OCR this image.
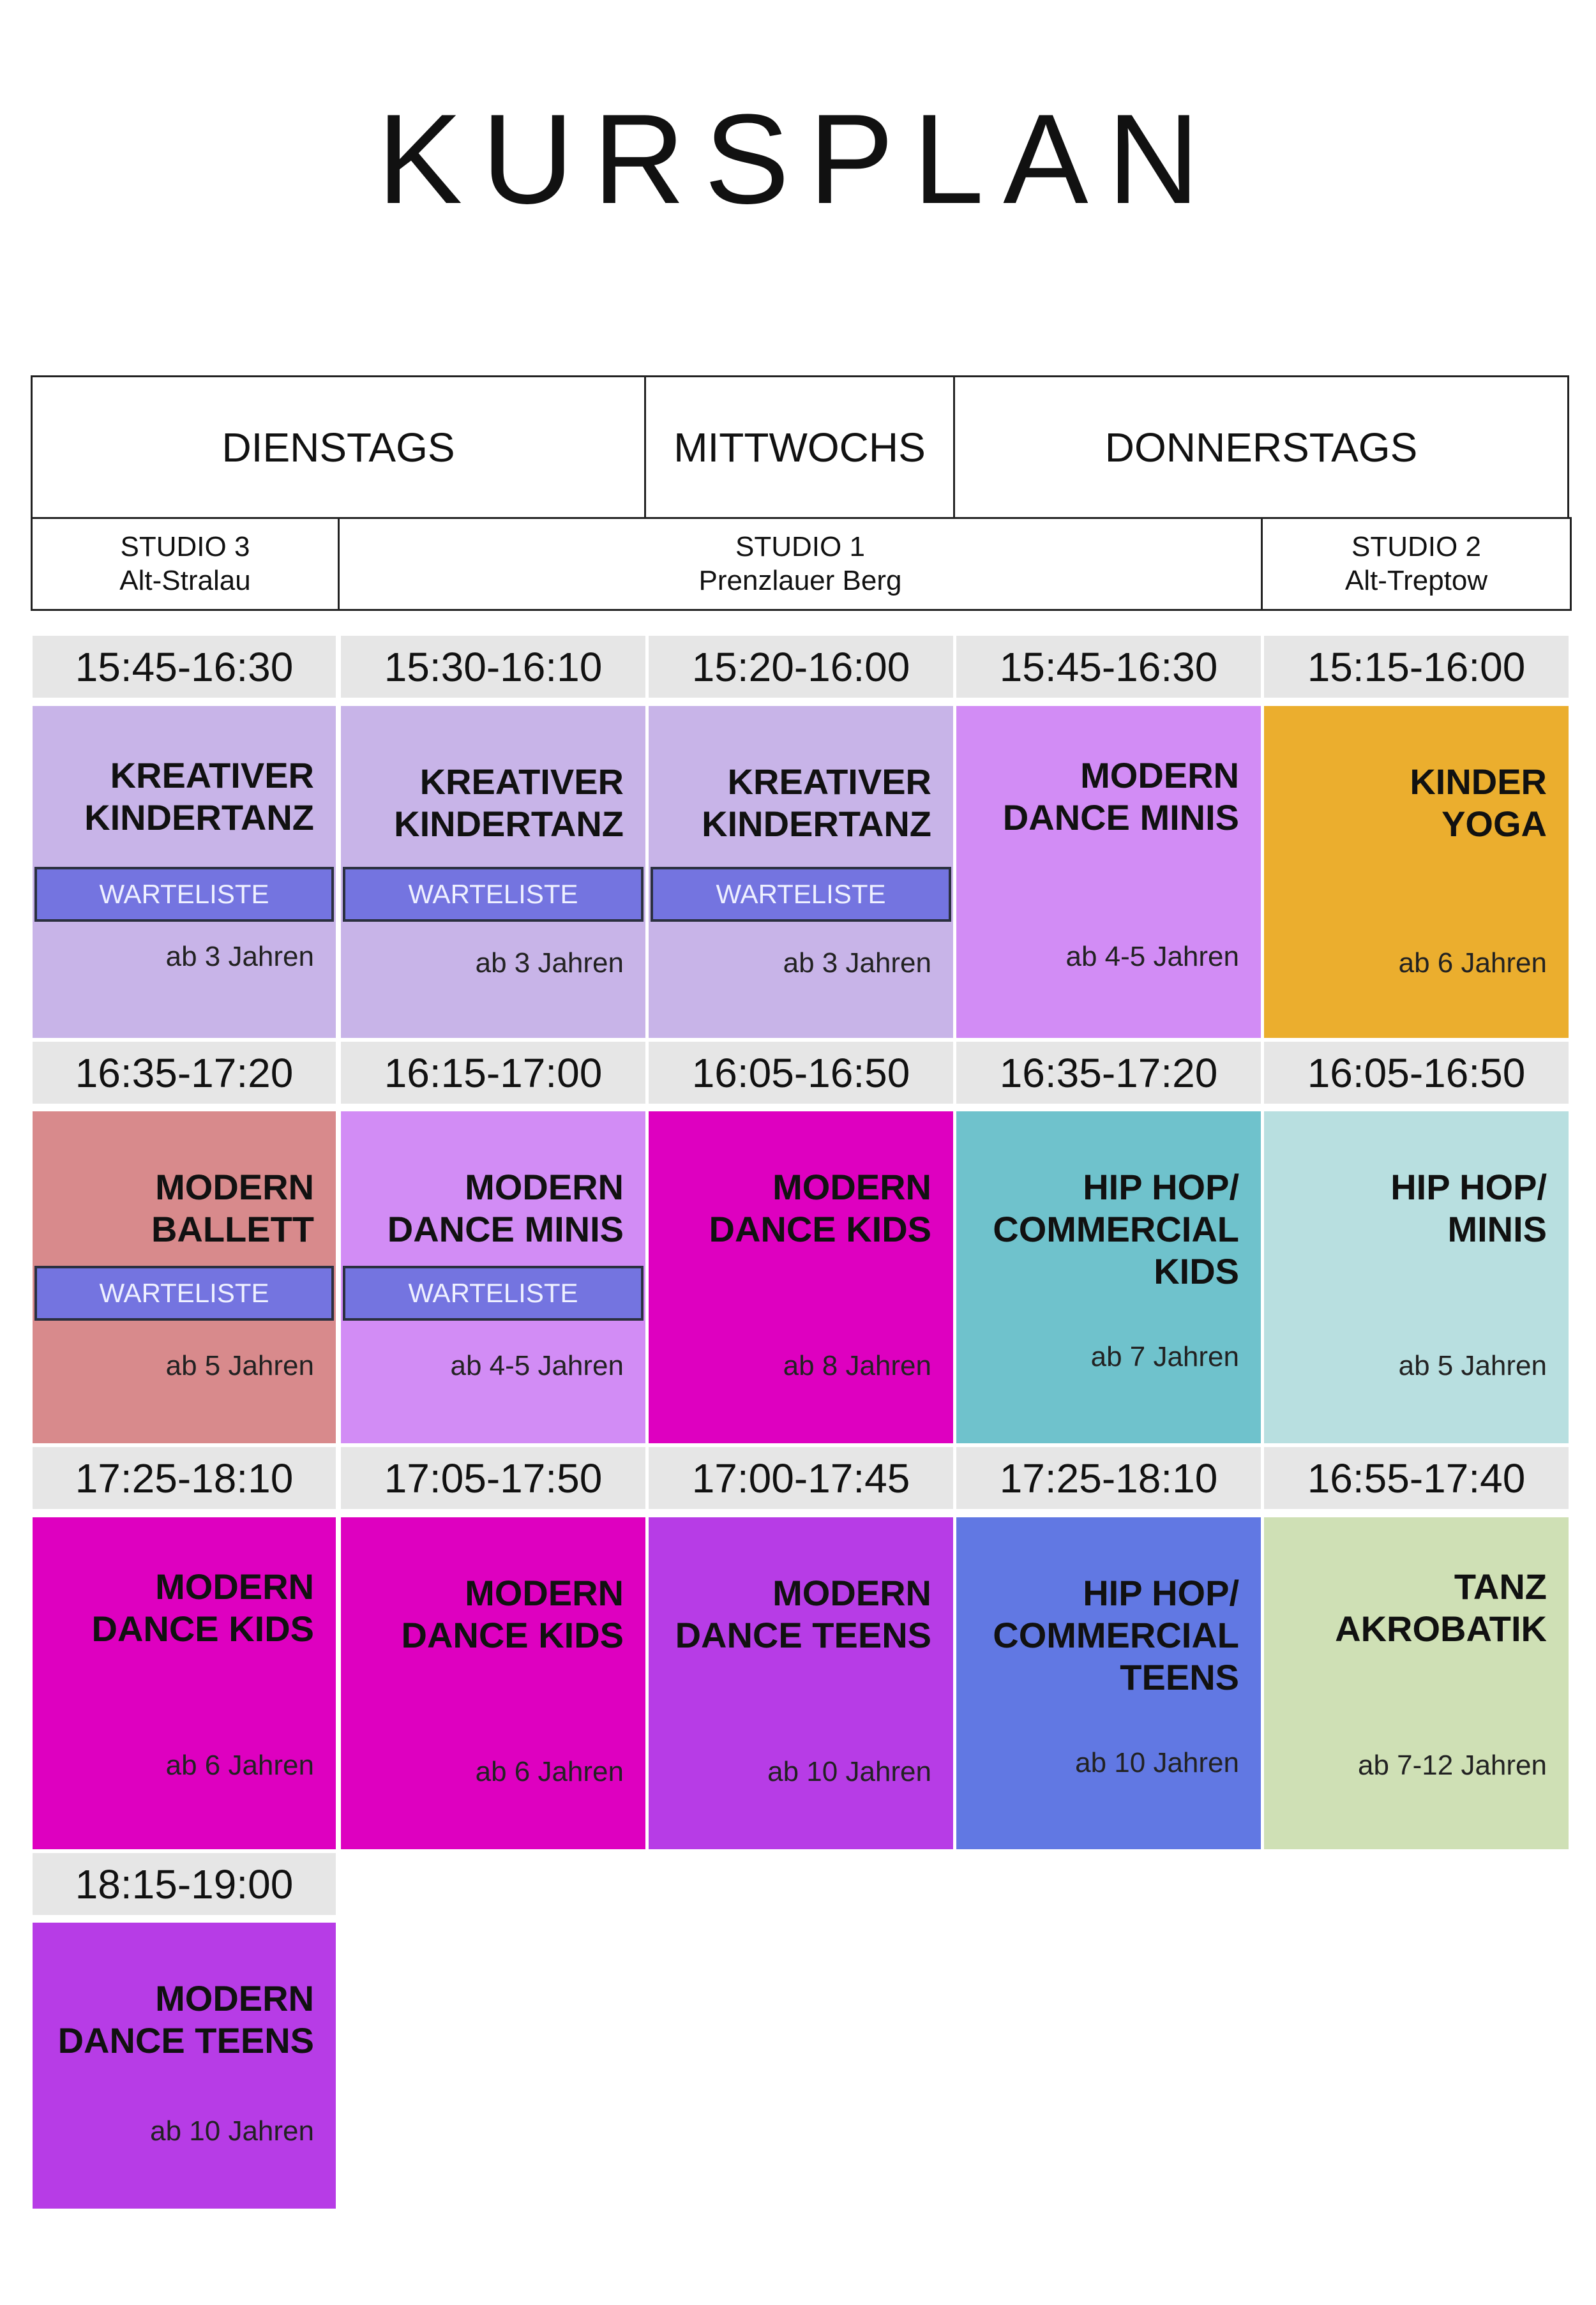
KURSPLAN
DIENSTAGS	MITTWOCHS	DONNERSTAGS
STUDIO 3
Alt-Stralau
STUDIO 1
Prenzlauer Berg
STUDIO 2
Alt-Treptow
15:45-16:30 15:30-16:10 15:20-16:00 15:45-16:30 15:15-16:00
KREATIVER
KINDERTANZ
WARTELISTE
ab 3 Jahren
KREATIVER
KINDERTANZ
WARTELISTE
ab 3 Jahren
KREATIVER
KINDERTANZ
WARTELISTE
ab 3 Jahren
MODERN
DANCE MINIS
ab 4-5 Jahren
KINDER
YOGA
ab 6 Jahren
16:35-17:20 16:15-17:00 16:05-16:50 16:35-17:20 16:05-16:50
MODERN
BALLETT
WARTELISTE
ab 5 Jahren
MODERN
DANCE MINIS
WARTELISTE
ab 4-5 Jahren
MODERN
DANCE KIDS
ab 8 Jahren
HIP HOP/
COMMERCIAL
KIDS
ab 7 Jahren
HIP HOP/
MINIS
ab 5 Jahren
17:25-18:10 17:05-17:50 17:00-17:45 17:25-18:10 16:55-17:40
MODERN
DANCE KIDS
ab 6 Jahren
MODERN
DANCE KIDS
ab 6 Jahren
MODERN
DANCE TEENS
ab 10 Jahren
HIP HOP/
COMMERCIAL
TEENS
ab 10 Jahren
TANZ
AKROBATIK
ab 7-12 Jahren
18:15-19:00
MODERN
DANCE TEENS
ab 10 Jahren
